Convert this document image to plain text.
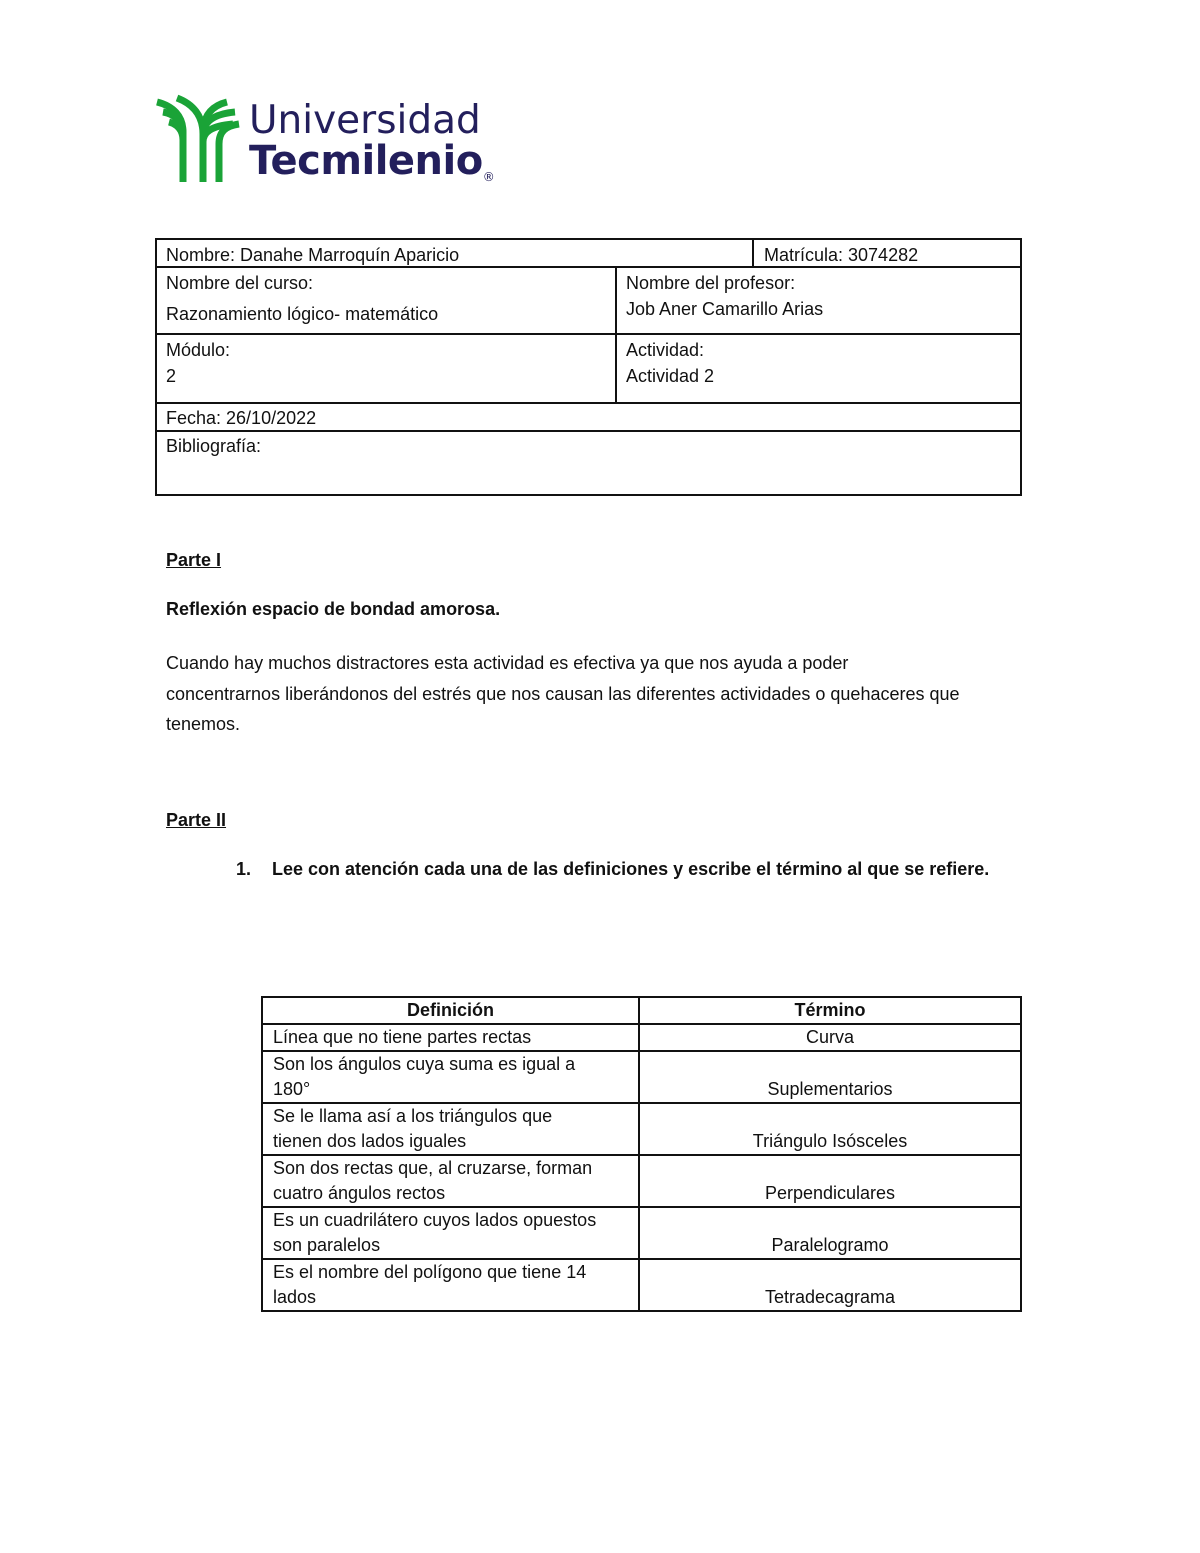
Universidad
Tecmilenio®
Nombre: Danahe Marroquín Aparicio	Matrícula: 3074282
Nombre del curso:
Razonamiento lógico- matemático
Nombre del profesor:
Job Aner Camarillo Arias
Módulo:
2
Actividad:
Actividad 2
Fecha: 26/10/2022
Bibliografía:
Parte I
Reflexión espacio de bondad amorosa.
Cuando hay muchos distractores esta actividad es efectiva ya que nos ayuda a poder
concentrarnos liberándonos del estrés que nos causan las diferentes actividades o quehaceres que
tenemos.
Parte II
1. Lee con atención cada una de las definiciones y escribe el término al que se refiere.
Definición	Término
Línea que no tiene partes rectas	Curva
Son los ángulos cuya suma es igual a
180°	Suplementarios
Se le llama así a los triángulos que
tienen dos lados iguales	Triángulo Isósceles
Son dos rectas que, al cruzarse, forman
cuatro ángulos rectos	Perpendiculares
Es un cuadrilátero cuyos lados opuestos
son paralelos	Paralelogramo
Es el nombre del polígono que tiene 14
lados	Tetradecagrama
